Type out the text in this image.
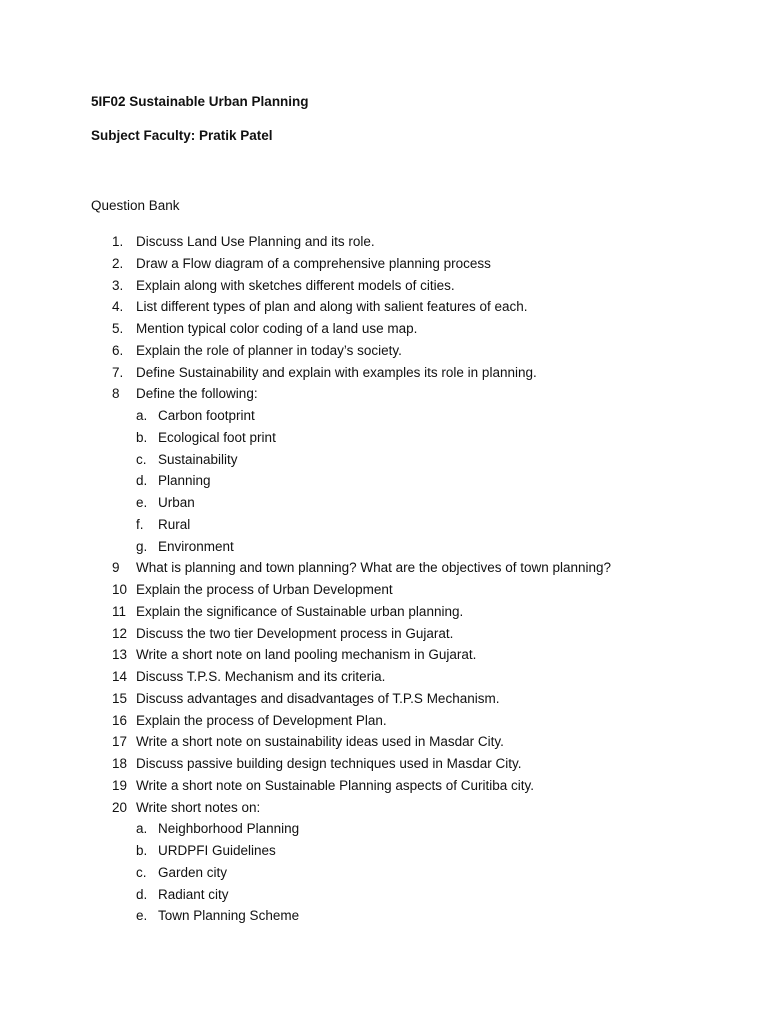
5IF02 Sustainable Urban Planning
Subject Faculty: Pratik Patel
Question Bank
1. Discuss Land Use Planning and its role.
2. Draw a Flow diagram of a comprehensive planning process
3. Explain along with sketches different models of cities.
4. List different types of plan and along with salient features of each.
5. Mention typical color coding of a land use map.
6. Explain the role of planner in today’s society.
7. Define Sustainability and explain with examples its role in planning.
8	Define the following:
a. Carbon footprint
b. Ecological foot print
c. Sustainability
d. Planning
e. Urban
f.	Rural
g. Environment
9	What is planning and town planning? What are the objectives of town planning?
10 Explain the process of Urban Development
11 Explain the significance of Sustainable urban planning.
12 Discuss the two tier Development process in Gujarat.
13 Write a short note on land pooling mechanism in Gujarat.
14 Discuss T.P.S. Mechanism and its criteria.
15 Discuss advantages and disadvantages of T.P.S Mechanism.
16 Explain the process of Development Plan.
17 Write a short note on sustainability ideas used in Masdar City.
18 Discuss passive building design techniques used in Masdar City.
19 Write a short note on Sustainable Planning aspects of Curitiba city.
20 Write short notes on:
a. Neighborhood Planning
b. URDPFI Guidelines
c. Garden city
d. Radiant city
e. Town Planning Scheme
